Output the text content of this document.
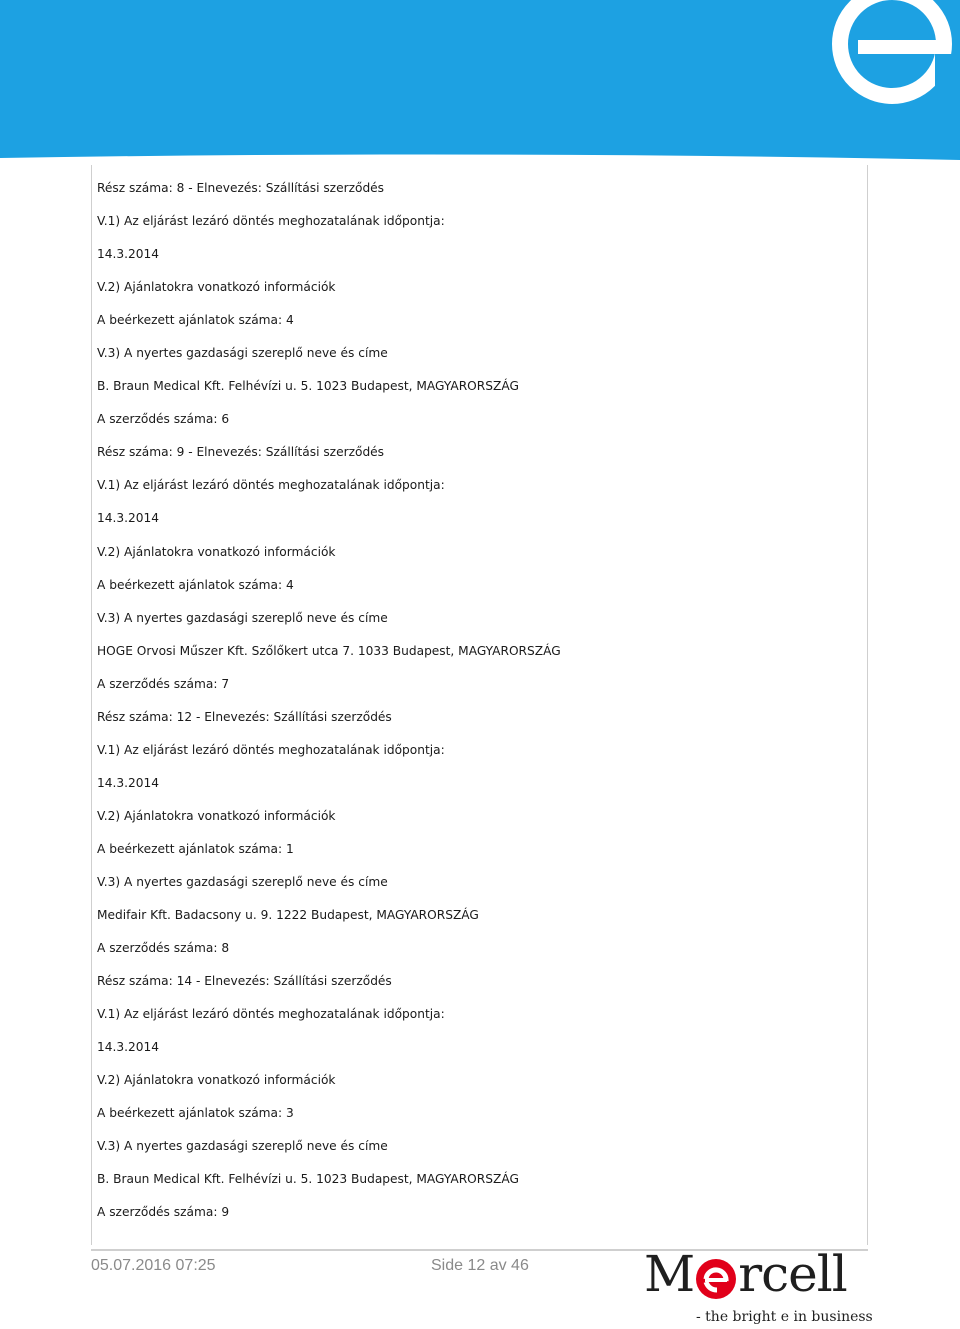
Rész száma: 8 - Elnevezés: Szállítási szerződés
V.1) Az eljárást lezáró döntés meghozatalának időpontja:
14.3.2014
V.2) Ajánlatokra vonatkozó információk
A beérkezett ajánlatok száma: 4
V.3) A nyertes gazdasági szereplő neve és címe
B. Braun Medical Kft. Felhévízi u. 5. 1023 Budapest, MAGYARORSZÁG
A szerződés száma: 6
Rész száma: 9 - Elnevezés: Szállítási szerződés
V.1) Az eljárást lezáró döntés meghozatalának időpontja:
14.3.2014
V.2) Ajánlatokra vonatkozó információk
A beérkezett ajánlatok száma: 4
V.3) A nyertes gazdasági szereplő neve és címe
HOGE Orvosi Műszer Kft. Szőlőkert utca 7. 1033 Budapest, MAGYARORSZÁG
A szerződés száma: 7
Rész száma: 12 - Elnevezés: Szállítási szerződés
V.1) Az eljárást lezáró döntés meghozatalának időpontja:
14.3.2014
V.2) Ajánlatokra vonatkozó információk
A beérkezett ajánlatok száma: 1
V.3) A nyertes gazdasági szereplő neve és címe
Medifair Kft. Badacsony u. 9. 1222 Budapest, MAGYARORSZÁG
A szerződés száma: 8
Rész száma: 14 - Elnevezés: Szállítási szerződés
V.1) Az eljárást lezáró döntés meghozatalának időpontja:
14.3.2014
V.2) Ajánlatokra vonatkozó információk
A beérkezett ajánlatok száma: 3
V.3) A nyertes gazdasági szereplő neve és címe
B. Braun Medical Kft. Felhévízi u. 5. 1023 Budapest, MAGYARORSZÁG
A szerződés száma: 9
05.07.2016 07:25	Side 12 av 46 M rcell
- the bright e in business
